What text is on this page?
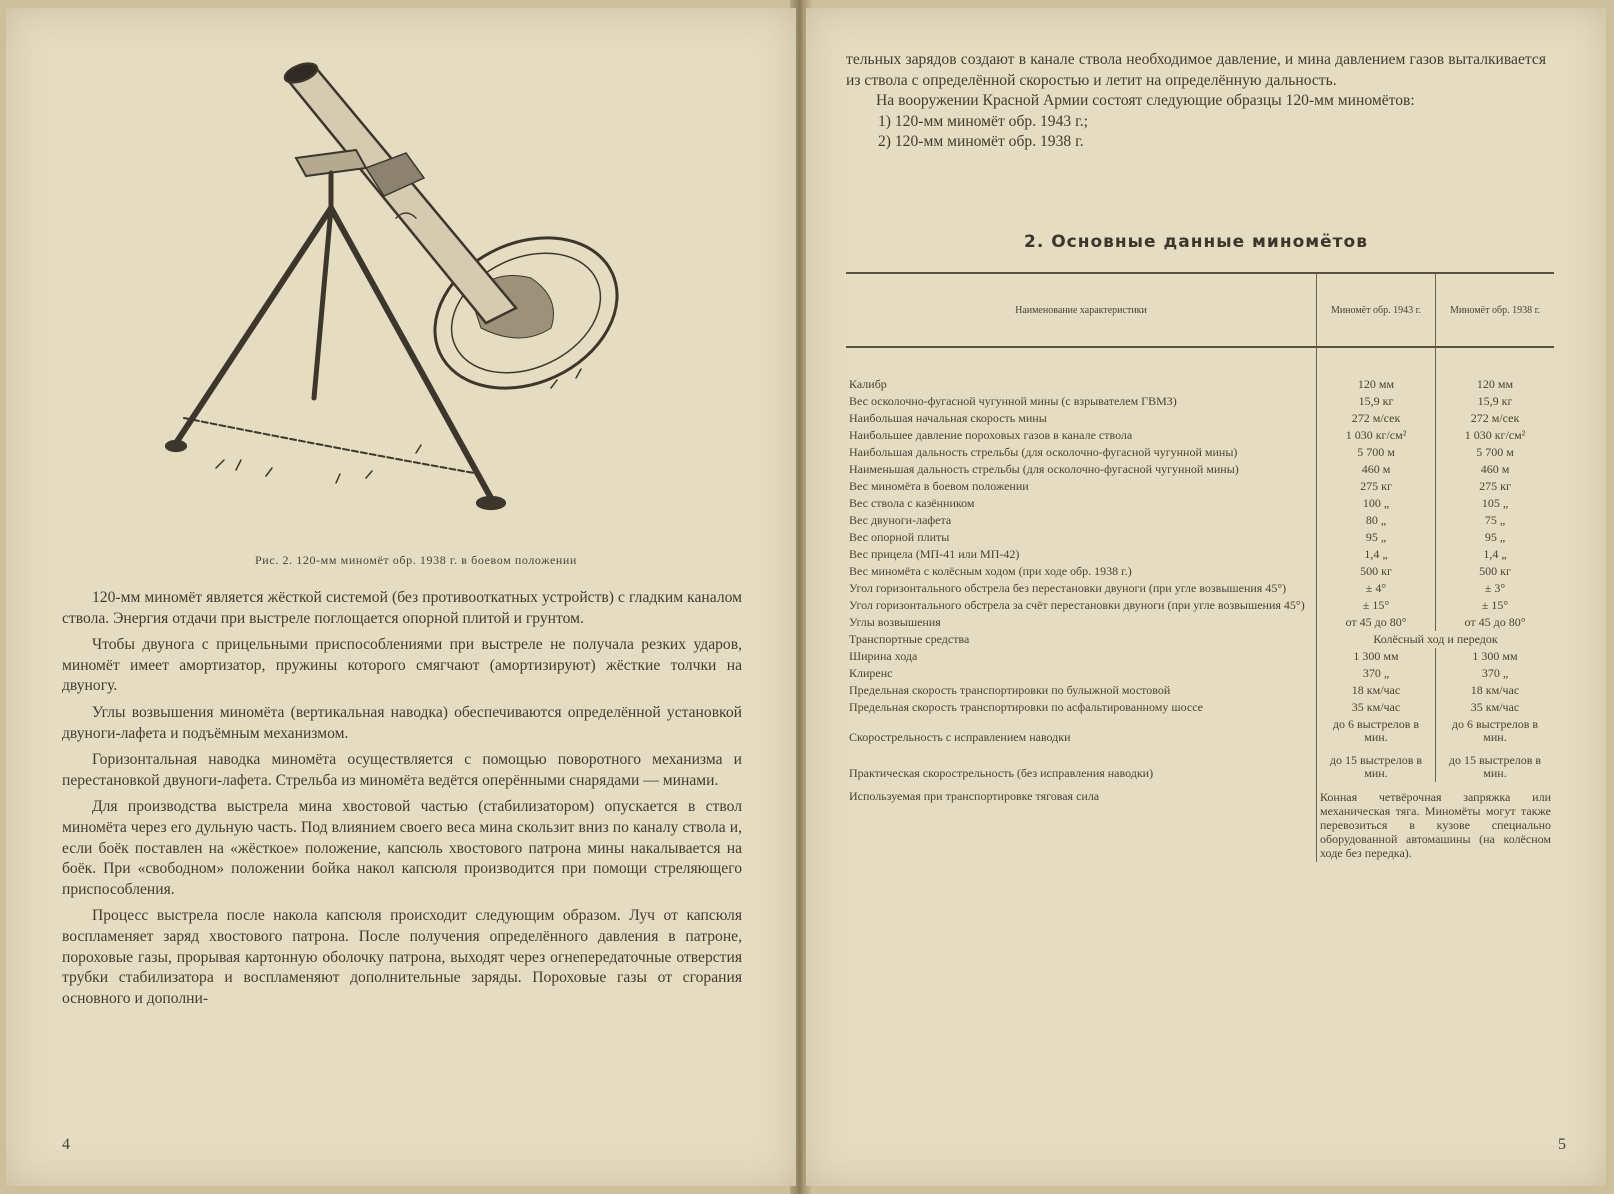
Рис. 2. 120-мм миномёт обр. 1938 г. в боевом положении

120-мм миномёт является жёсткой системой (без противооткатных устройств) с гладким каналом ствола. Энергия отдачи при выстреле поглощается опорной плитой и грунтом.

Чтобы двунога с прицельными приспособлениями при выстреле не получала резких ударов, миномёт имеет амортизатор, пружины которого смягчают (амортизируют) жёсткие толчки на двуногу.

Углы возвышения миномёта (вертикальная наводка) обеспечиваются определённой установкой двуноги-лафета и подъёмным механизмом.

Горизонтальная наводка миномёта осуществляется с помощью поворотного механизма и перестановкой двуноги-лафета. Стрельба из миномёта ведётся оперёнными снарядами — минами.

Для производства выстрела мина хвостовой частью (стабилизатором) опускается в ствол миномёта через его дульную часть. Под влиянием своего веса мина скользит вниз по каналу ствола и, если боёк поставлен на «жёсткое» положение, капсюль хвостового патрона мины накалывается на боёк. При «свободном» положении бойка накол капсюля производится при помощи стреляющего приспособления.

Процесс выстрела после накола капсюля происходит следующим образом. Луч от капсюля воспламеняет заряд хвостового патрона. После получения определённого давления в патроне, пороховые газы, прорывая картонную оболочку патрона, выходят через огнепередаточные отверстия трубки стабилизатора и воспламеняют дополнительные заряды. Пороховые газы от сгорания основного и дополни-

4

тельных зарядов создают в канале ствола необходимое давление, и мина давлением газов выталкивается из ствола с определённой скоростью и летит на определённую дальность.

На вооружении Красной Армии состоят следующие образцы 120-мм миномётов:

1) 120-мм миномёт обр. 1943 г.;
2) 120-мм миномёт обр. 1938 г.
2. Основные данные миномётов
Наименование характеристики	Миномёт обр. 1943 г.	Миномёт обр. 1938 г.
Калибр	120 мм	120 мм
Вес осколочно-фугасной чугунной мины (с взрывателем ГВМЗ)	15,9 кг	15,9 кг
Наибольшая начальная скорость мины	272 м/сек	272 м/сек
Наибольшее давление пороховых газов в канале ствола	1 030 кг/см²	1 030 кг/см²
Наибольшая дальность стрельбы (для осколочно-фугасной чугунной мины)	5 700 м	5 700 м
Наименьшая дальность стрельбы (для осколочно-фугасной чугунной мины)	460 м	460 м
Вес миномёта в боевом положении	275 кг	275 кг
Вес ствола с казёнником	100 „	105 „
Вес двуноги-лафета	80 „	75 „
Вес опорной плиты	95 „	95 „
Вес прицела (МП-41 или МП-42)	1,4 „	1,4 „
Вес миномёта с колёсным ходом (при ходе обр. 1938 г.)	500 кг	500 кг
Угол горизонтального обстрела без перестановки двуноги (при угле возвышения 45°)	± 4°	± 3°
Угол горизонтального обстрела за счёт перестановки двуноги (при угле возвышения 45°)	± 15°	± 15°
Углы возвышения	от 45 до 80°	от 45 до 80°
Транспортные средства	Колёсный ход и передок	
Ширина хода	1 300 мм	1 300 мм
Клиренс	370 „	370 „
Предельная скорость транспортировки по булыжной мостовой	18 км/час	18 км/час
Предельная скорость транспортировки по асфальтированному шоссе	35 км/час	35 км/час
Скорострельность с исправлением наводки	до 6 выстрелов в мин.	до 6 выстрелов в мин.
Практическая скорострельность (без исправления наводки)	до 15 выстрелов в мин.	до 15 выстрелов в мин.
Используемая при транспортировке тяговая сила	Конная четвёрочная запряжка или механическая тяга. Миномёты могут также перевозиться в кузове специально оборудованной автомашины (на колёсном ходе без передка).	
5
